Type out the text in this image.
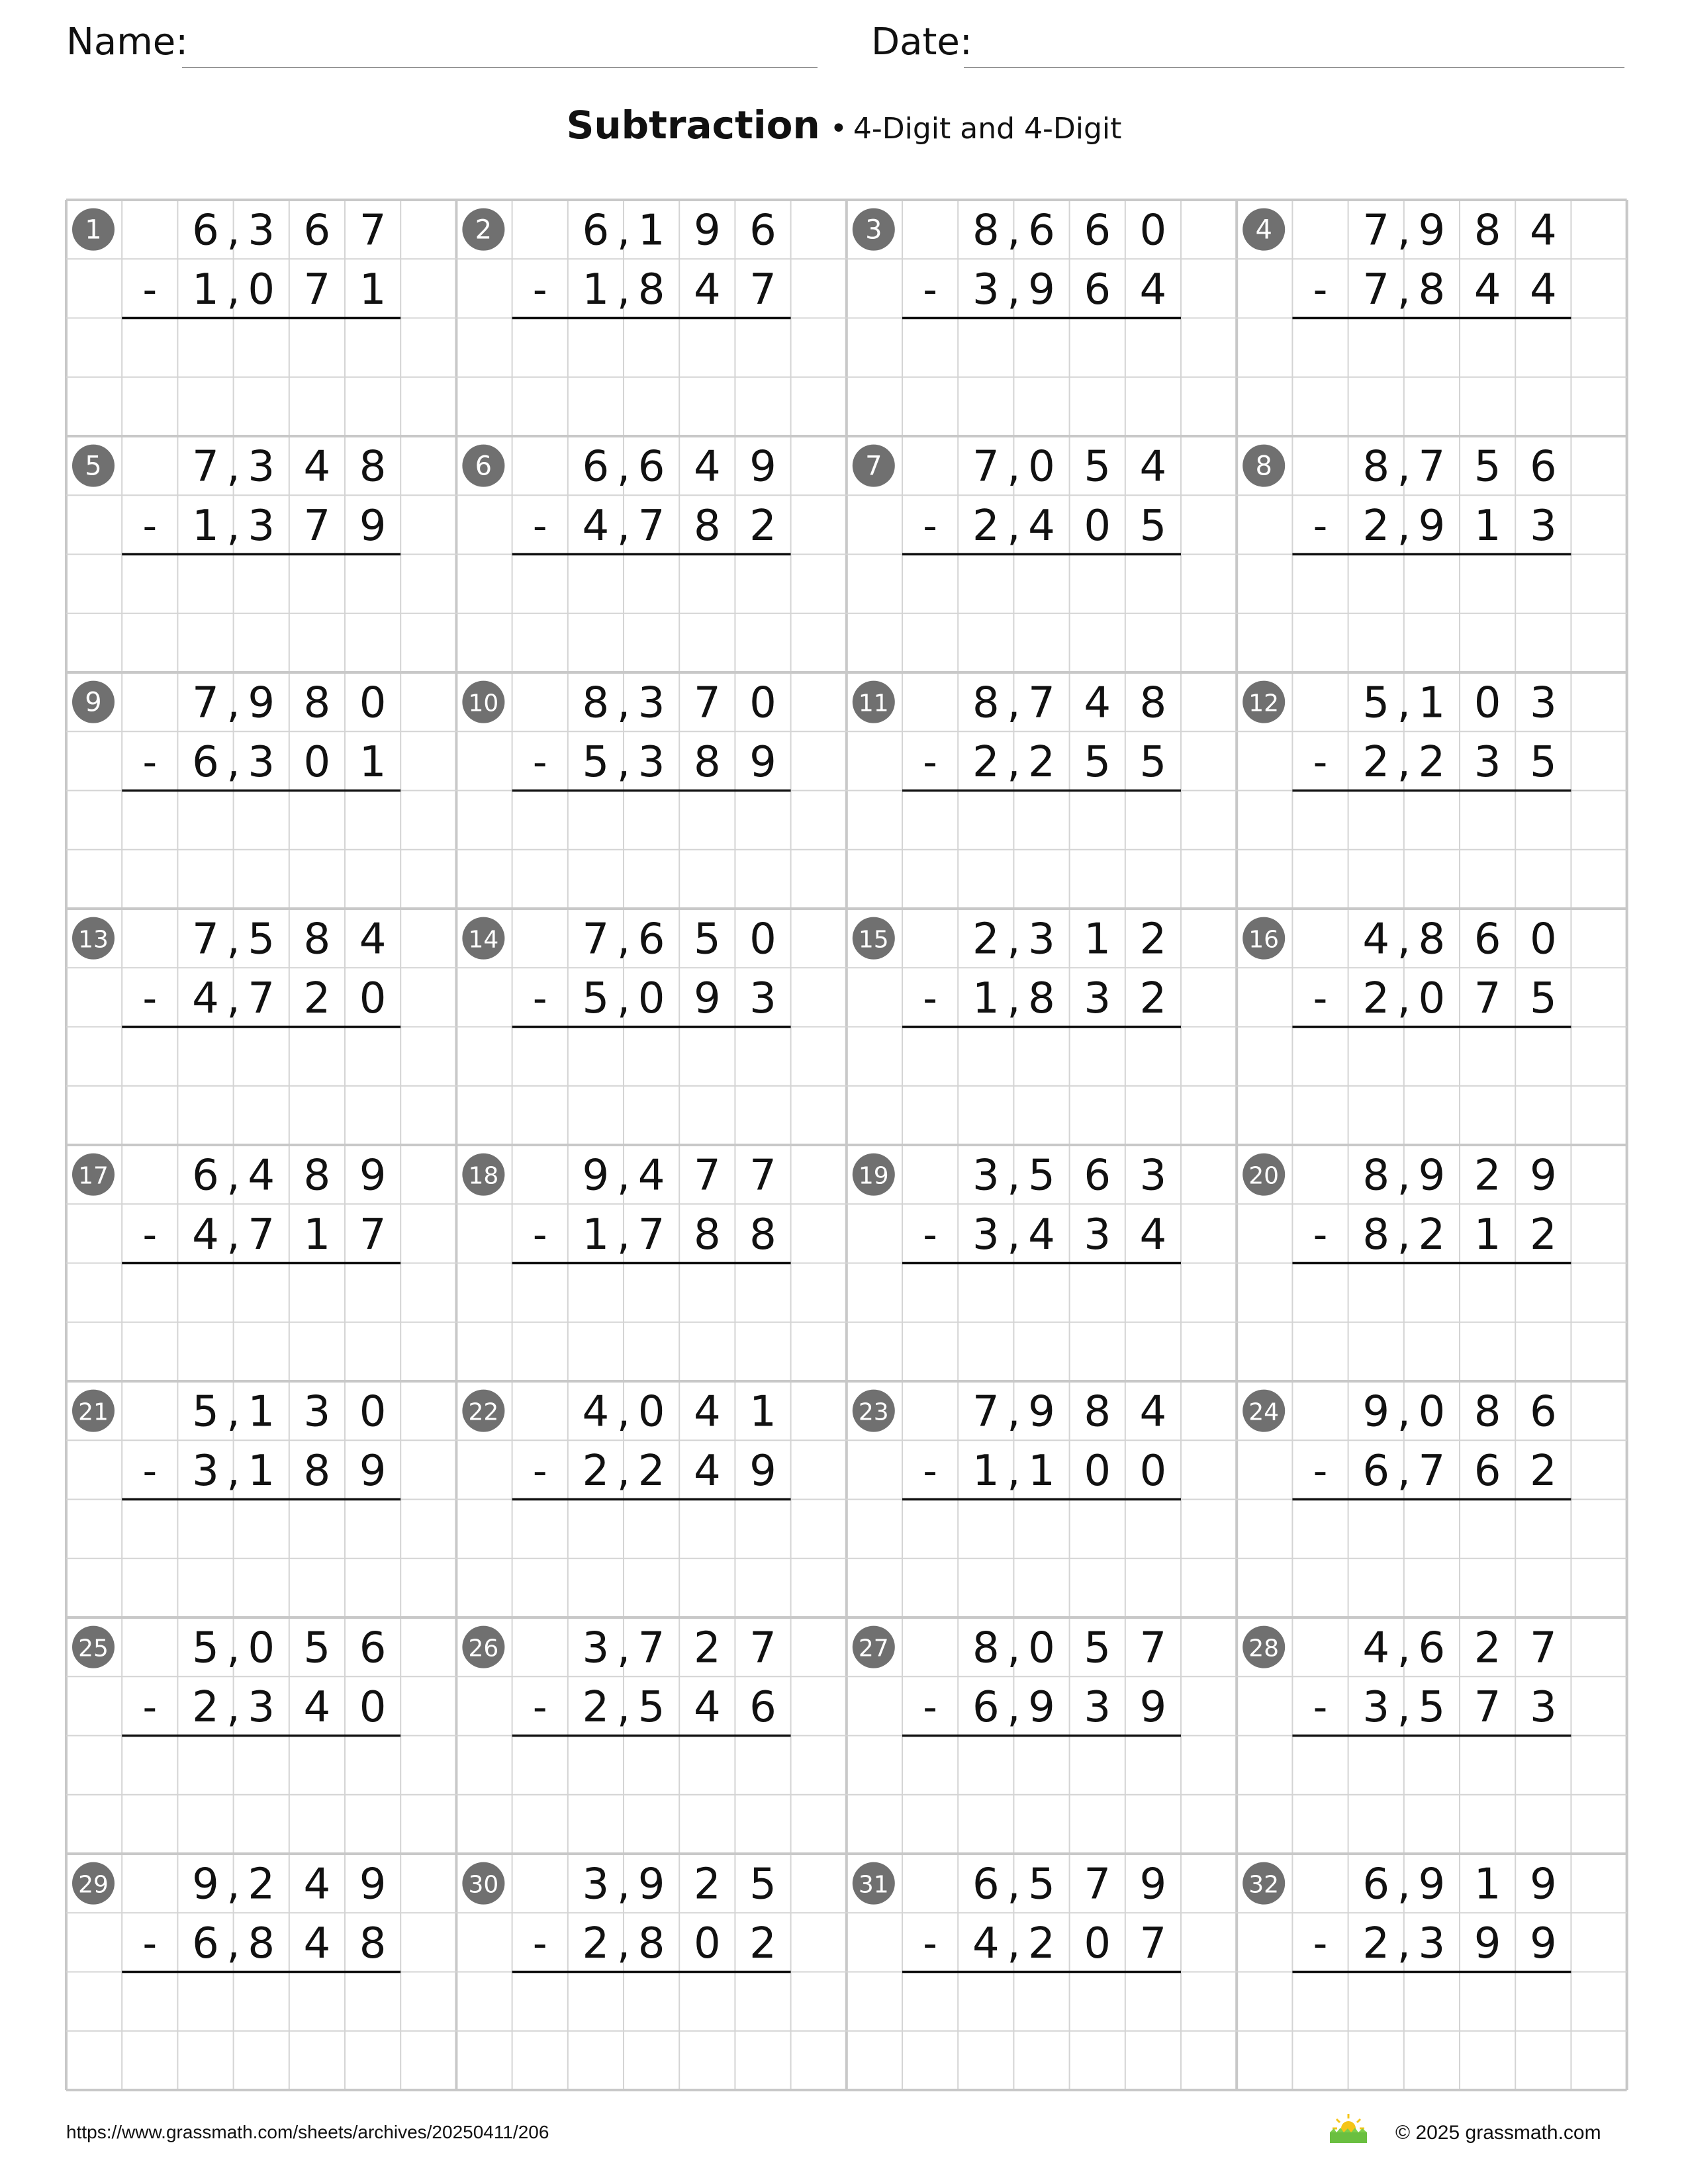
Name:	Date:
Subtraction • 4-Digit and 4-Digit
1 6 3 6 7
,
1 0 7 1
,
-
2 6 1 9 6
,
1 8 4 7
,
-
3 8 6 6 0
,
3 9 6 4
,
-
4 7 9 8 4
,
7 8 4 4
,
-
5 7 3 4 8
,
1 3 7 9
,
-
6 6 6 4 9
,
4 7 8 2
,
-
7 7 0 5 4
,
2 4 0 5
,
-
8 8 7 5 6
,
2 9 1 3
,
-
9 7 9 8 0
,
6 3 0 1
,
-
10 8 3 7 0
,
5 3 8 9
,
-
11 8 7 4 8
,
2 2 5 5
,
-
12 5 1 0 3
,
2 2 3 5
,
-
13 7 5 8 4
,
4 7 2 0
,
-
14 7 6 5 0
,
5 0 9 3
,
-
15 2 3 1 2
,
1 8 3 2
,
-
16 4 8 6 0
,
2 0 7 5
,
-
17 6 4 8 9
,
4 7 1 7
,
-
18 9 4 7 7
,
1 7 8 8
,
-
19 3 5 6 3
,
3 4 3 4
,
-
20 8 9 2 9
,
8 2 1 2
,
-
21 5 1 3 0
,
3 1 8 9
,
-
22 4 0 4 1
,
2 2 4 9
,
-
23 7 9 8 4
,
1 1 0 0
,
-
24 9 0 8 6
,
6 7 6 2
,
-
25 5 0 5 6
,
2 3 4 0
,
-
26 3 7 2 7
,
2 5 4 6
,
-
27 8 0 5 7
,
6 9 3 9
,
-
28 4 6 2 7
,
3 5 7 3
,
-
29 9 2 4 9
,
6 8 4 8
,
-
30 3 9 2 5
,
2 8 0 2
,
-
31 6 5 7 9
,
4 2 0 7
,
-
32 6 9 1 9
,
2 3 9 9
,
-
https://www.grassmath.com/sheets/archives/20250411/206	© 2025 grassmath.com
